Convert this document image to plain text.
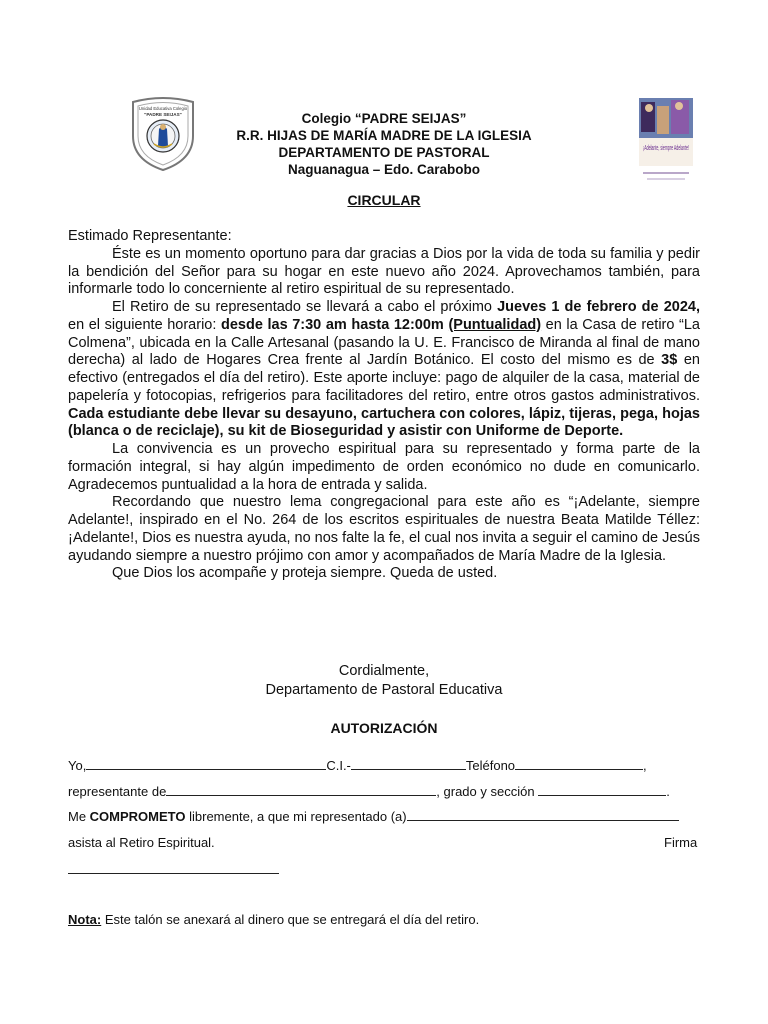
Unidad Educativa Colegio
"PADRE SEIJAS"
¡Adelante, siempre Adelante!
Colegio “PADRE SEIJAS”
R.R. HIJAS DE MARÍA MADRE DE LA IGLESIA
DEPARTAMENTO DE PASTORAL
Naguanagua – Edo. Carabobo
CIRCULAR

Estimado Representante:

Éste es un momento oportuno para dar gracias a Dios por la vida de toda su familia y pedir la bendición del Señor para su hogar en este nuevo año 2024. Aprovechamos también, para informarle todo lo concerniente al retiro espiritual de su representado.

El Retiro de su representado se llevará a cabo el próximo Jueves 1 de febrero de 2024, en el siguiente horario: desde las 7:30 am hasta 12:00m (Puntualidad) en la Casa de retiro “La Colmena”, ubicada en la Calle Artesanal (pasando la U. E. Francisco de Miranda al final de mano derecha) al lado de Hogares Crea frente al Jardín Botánico. El costo del mismo es de 3$ en efectivo (entregados el día del retiro). Este aporte incluye: pago de alquiler de la casa, material de papelería y fotocopias, refrigerios para facilitadores del retiro, entre otros gastos administrativos. Cada estudiante debe llevar su desayuno, cartuchera con colores, lápiz, tijeras, pega, hojas (blanca o de reciclaje), su kit de Bioseguridad y asistir con Uniforme de Deporte.

La convivencia es un provecho espiritual para su representado y forma parte de la formación integral, si hay algún impedimento de orden económico no dude en comunicarlo. Agradecemos puntualidad a la hora de entrada y salida.

Recordando que nuestro lema congregacional para este año es “¡Adelante, siempre Adelante!, inspirado en el No. 264 de los escritos espirituales de nuestra Beata Matilde Téllez: ¡Adelante!, Dios es nuestra ayuda, no nos falte la fe, el cual nos invita a seguir el camino de Jesús ayudando siempre a nuestro prójimo con amor y acompañados de María Madre de la Iglesia.

Que Dios los acompañe y proteja siempre. Queda de usted.

Cordialmente,
Departamento de Pastoral Educativa
AUTORIZACIÓN
Yo,	C.I.-	Teléfono	,
representante de	, grado y sección	.
Me COMPROMETO libremente, a que mi representado (a)
asista al Retiro Espiritual.	Firma
Nota: Este talón se anexará al dinero que se entregará el día del retiro.
